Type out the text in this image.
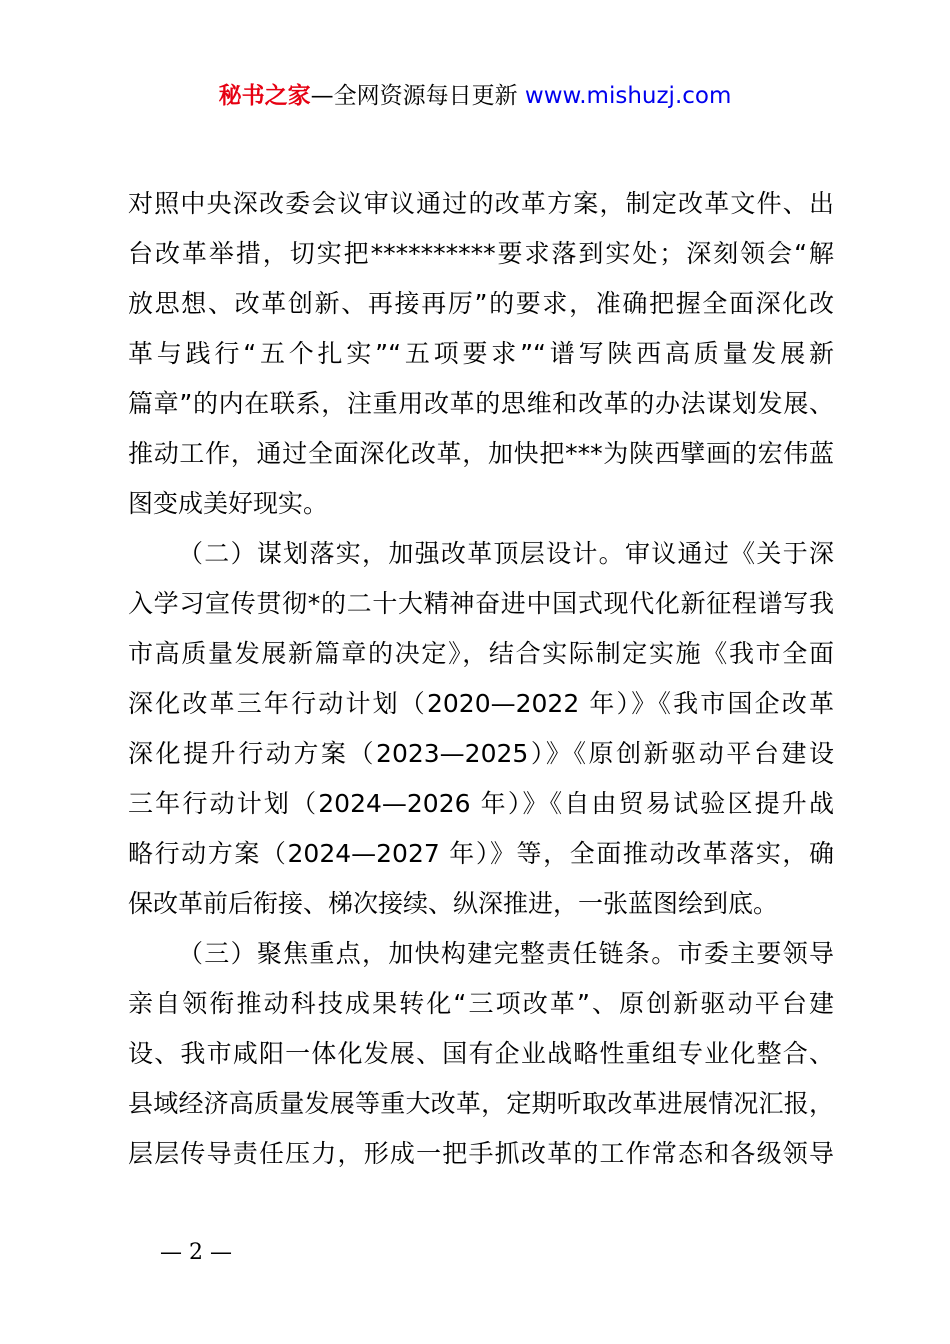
秘书之家—全网资源每日更新 www.mishuzj.com
对照中央深改委会议审议通过的改革方案，制定改革文件、出
台改革举措，切实把**********要求落到实处；深刻领会“解
放思想、改革创新、再接再厉”的要求，准确把握全面深化改
革与践行“五个扎实”“五项要求”“谱写陕西高质量发展新
篇章”的内在联系，注重用改革的思维和改革的办法谋划发展、
推动工作，通过全面深化改革，加快把***为陕西擘画的宏伟蓝
图变成美好现实。
（二）谋划落实，加强改革顶层设计。审议通过《关于深
入学习宣传贯彻*的二十大精神奋进中国式现代化新征程谱写我
市高质量发展新篇章的决定》，结合实际制定实施《我市全面
深化改革三年行动计划（2020—2022 年）》《我市国企改革
深化提升行动方案（2023—2025）》《原创新驱动平台建设
三年行动计划（2024—2026 年）》《自由贸易试验区提升战
略行动方案（2024—2027 年）》等，全面推动改革落实，确
保改革前后衔接、梯次接续、纵深推进，一张蓝图绘到底。
（三）聚焦重点，加快构建完整责任链条。市委主要领导
亲自领衔推动科技成果转化“三项改革”、原创新驱动平台建
设、我市咸阳一体化发展、国有企业战略性重组专业化整合、
县域经济高质量发展等重大改革，定期听取改革进展情况汇报，
层层传导责任压力，形成一把手抓改革的工作常态和各级领导
— 2 —
